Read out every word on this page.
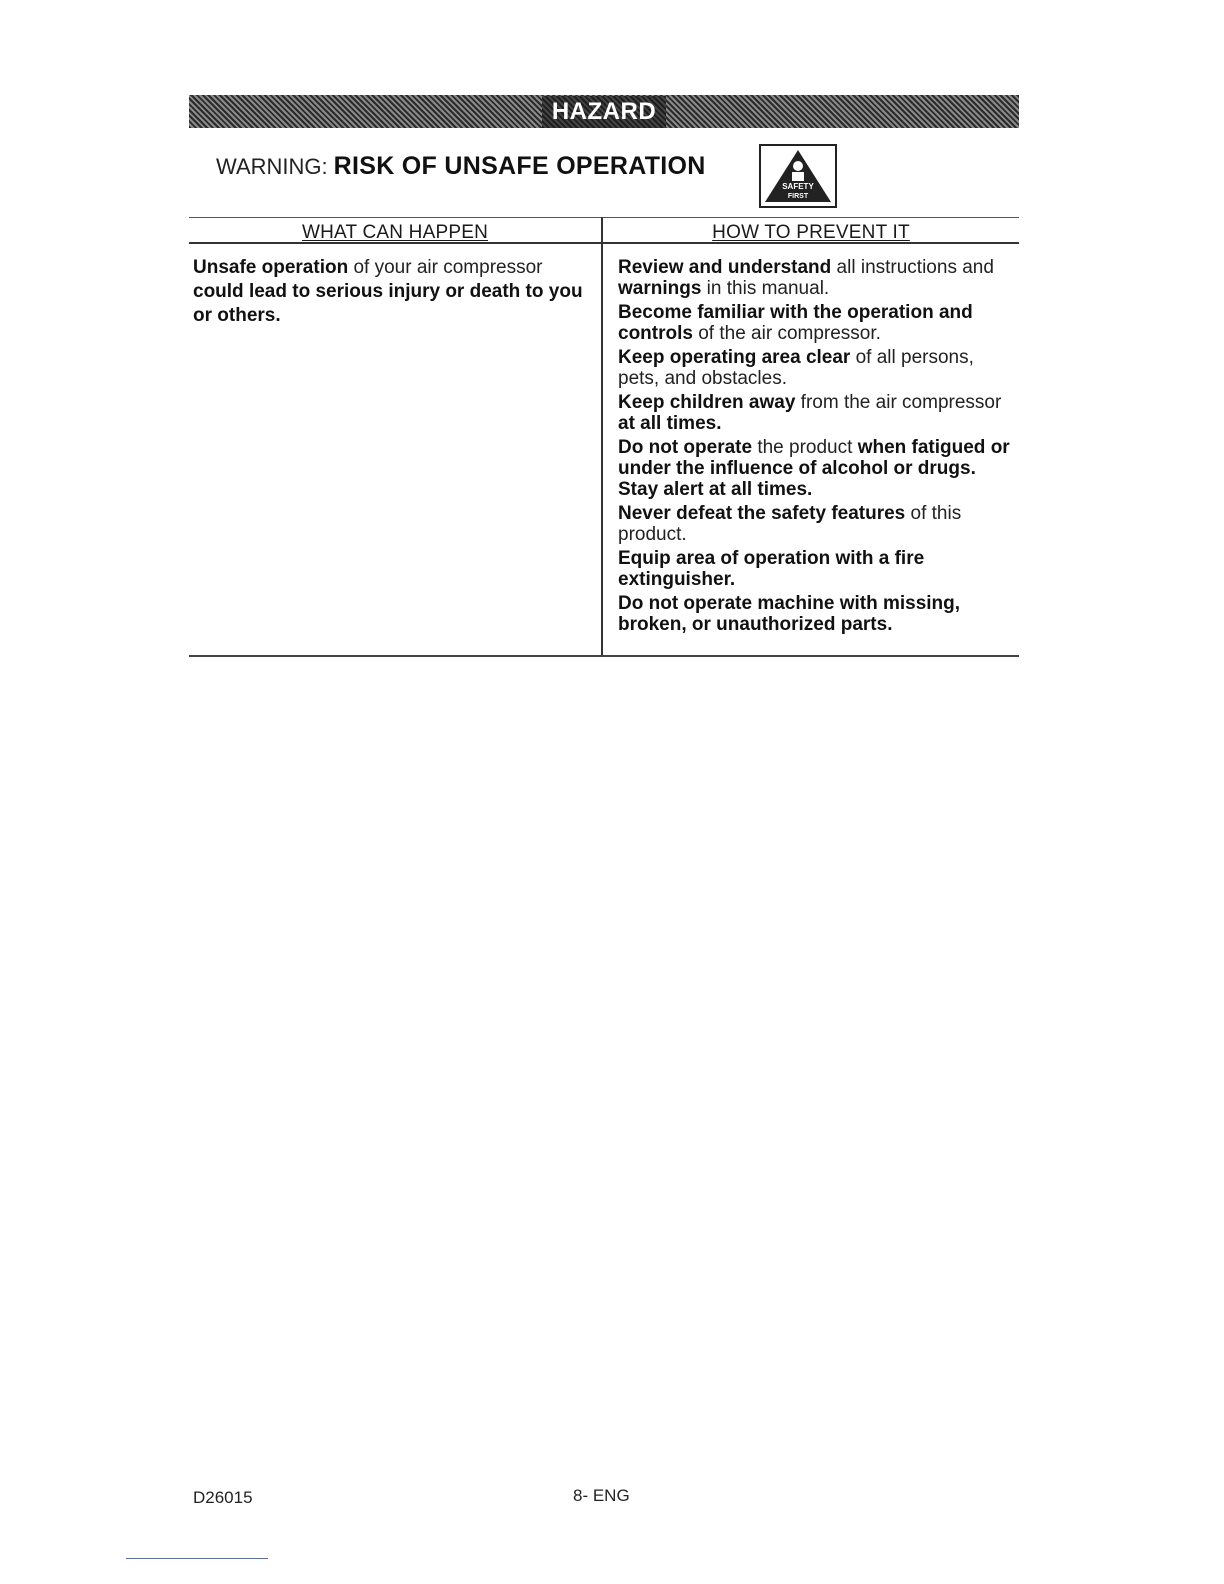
HAZARD
WARNING: RISK OF UNSAFE OPERATION
SAFETY
FIRST
WHAT CAN HAPPEN	HOW TO PREVENT IT
Unsafe operation of your air compressor could lead to serious injury or death to you or others.
Review and understand all instructions and warnings in this manual.
Become familiar with the operation and controls of the air compressor.
Keep operating area clear of all persons, pets, and obstacles.
Keep children away from the air compressor at all times.
Do not operate the product when fatigued or under the influence of alcohol or drugs. Stay alert at all times.
Never defeat the safety features of this product.
Equip area of operation with a fire extinguisher.
Do not operate machine with missing, broken, or unauthorized parts.
D26015	8- ENG
